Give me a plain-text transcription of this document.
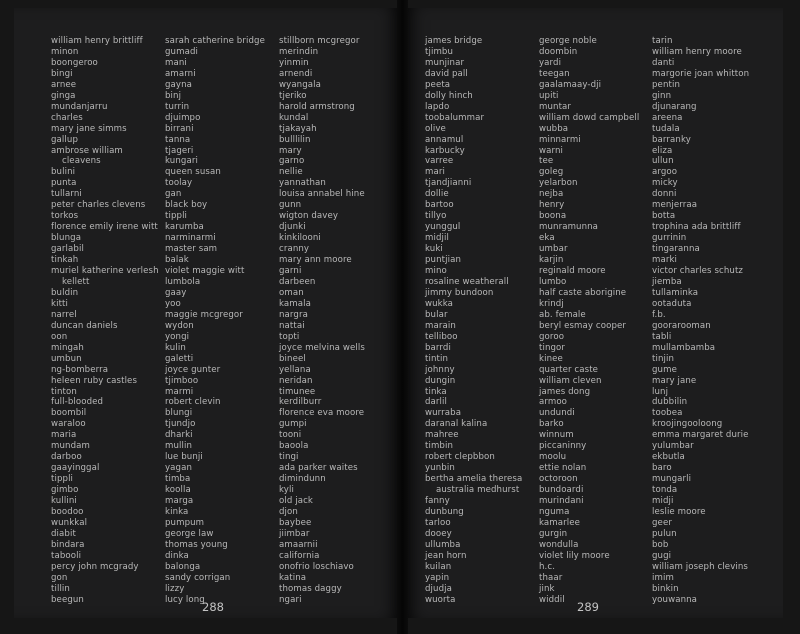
william henry brittliff
minon
boongeroo
bingi
arnee
ginga
mundanjarru
charles
mary jane simms
gallup
ambrose william
cleavens
bulini
punta
tullarni
peter charles clevens
torkos
florence emily irene witt
blunga
garlabil
tinkah
muriel katherine verlesh
kellett
buldin
kitti
narrel
duncan daniels
oon
mingah
umbun
ng-bomberra
heleen ruby castles
tinton
full-blooded
boombil
waraloo
maria
mundam
darboo
gaayinggal
tippli
gimbo
kullini
boodoo
wunkkal
diabit
bindara
tabooli
percy john mcgrady
gon
tillin
beegun
sarah catherine bridge
gumadi
mani
amarni
gayna
binj
turrin
djuimpo
birrani
tanna
tjageri
kungari
queen susan
toolay
gan
black boy
tippli
karumba
narminarmi
master sam
balak
violet maggie witt
lumbola
gaay
yoo
maggie mcgregor
wydon
yongi
kulin
galetti
joyce gunter
tjimboo
marmi
robert clevin
blungi
tjundjo
dharki
mullin
lue bunji
yagan
timba
koolla
marga
kinka
pumpum
george law
thomas young
dinka
balonga
sandy corrigan
lizzy
lucy long
stillborn mcgregor
merindin
yinmin
arnendi
wyangala
tjeriko
harold armstrong
kundal
tjakayah
bulllilin
mary
garno
nellie
yannathan
louisa annabel hine
gunn
wigton davey
djunki
kinkilooni
cranny
mary ann moore
garni
darbeen
oman
kamala
nargra
nattai
topti
joyce melvina wells
bineel
yellana
neridan
timunee
kerdilburr
florence eva moore
gumpi
tooni
baoola
tingi
ada parker waites
dimindunn
kyli
old jack
djon
baybee
jiimbar
amaarnii
california
onofrio loschiavo
katina
thomas daggy
ngari
288
james bridge
tjimbu
munjinar
david pall
peeta
dolly hinch
lapdo
toobalummar
olive
annamul
karbucky
varree
mari
tjandjianni
dollie
bartoo
tillyo
yunggul
midjil
kuki
puntjian
mino
rosaline weatherall
jimmy bundoon
wukka
bular
marain
telliboo
barrdi
tintin
johnny
dungin
tinka
darlil
wurraba
daranal kalina
mahree
timbin
robert clepbbon
yunbin
bertha amelia theresa
australia medhurst
fanny
dunbung
tarloo
dooey
ullumba
jean horn
kuilan
yapin
djudja
wuorta
george noble
doombin
yardi
teegan
gaalamaay-dji
upiti
muntar
william dowd campbell
wubba
minnarmi
warni
tee
goleg
yelarbon
nejba
henry
boona
munramunna
eka
umbar
karjin
reginald moore
lumbo
half caste aborigine
krindj
ab. female
beryl esmay cooper
goroo
tingor
kinee
quarter caste
william cleven
james dong
armoo
undundi
barko
winnum
piccaninny
moolu
ettie nolan
octoroon
bundoardi
murindani
nguma
kamarlee
gurgin
wondulla
violet lily moore
h.c.
thaar
jink
widdil
tarin
william henry moore
danti
margorie joan whitton
pentin
ginn
djunarang
areena
tudala
barranky
eliza
ullun
argoo
micky
donni
menjerraa
botta
trophina ada brittliff
gurrinin
tingaranna
marki
victor charles schutz
jiemba
tullaminka
ootaduta
f.b.
goorarooman
tabli
mullambamba
tinjin
gume
mary jane
lunj
dubbilin
toobea
kroojingooloong
emma margaret durie
yulumbar
ekbutla
baro
mungarli
tonda
midji
leslie moore
geer
pulun
bob
gugi
william joseph clevins
imim
binkin
youwanna
289
